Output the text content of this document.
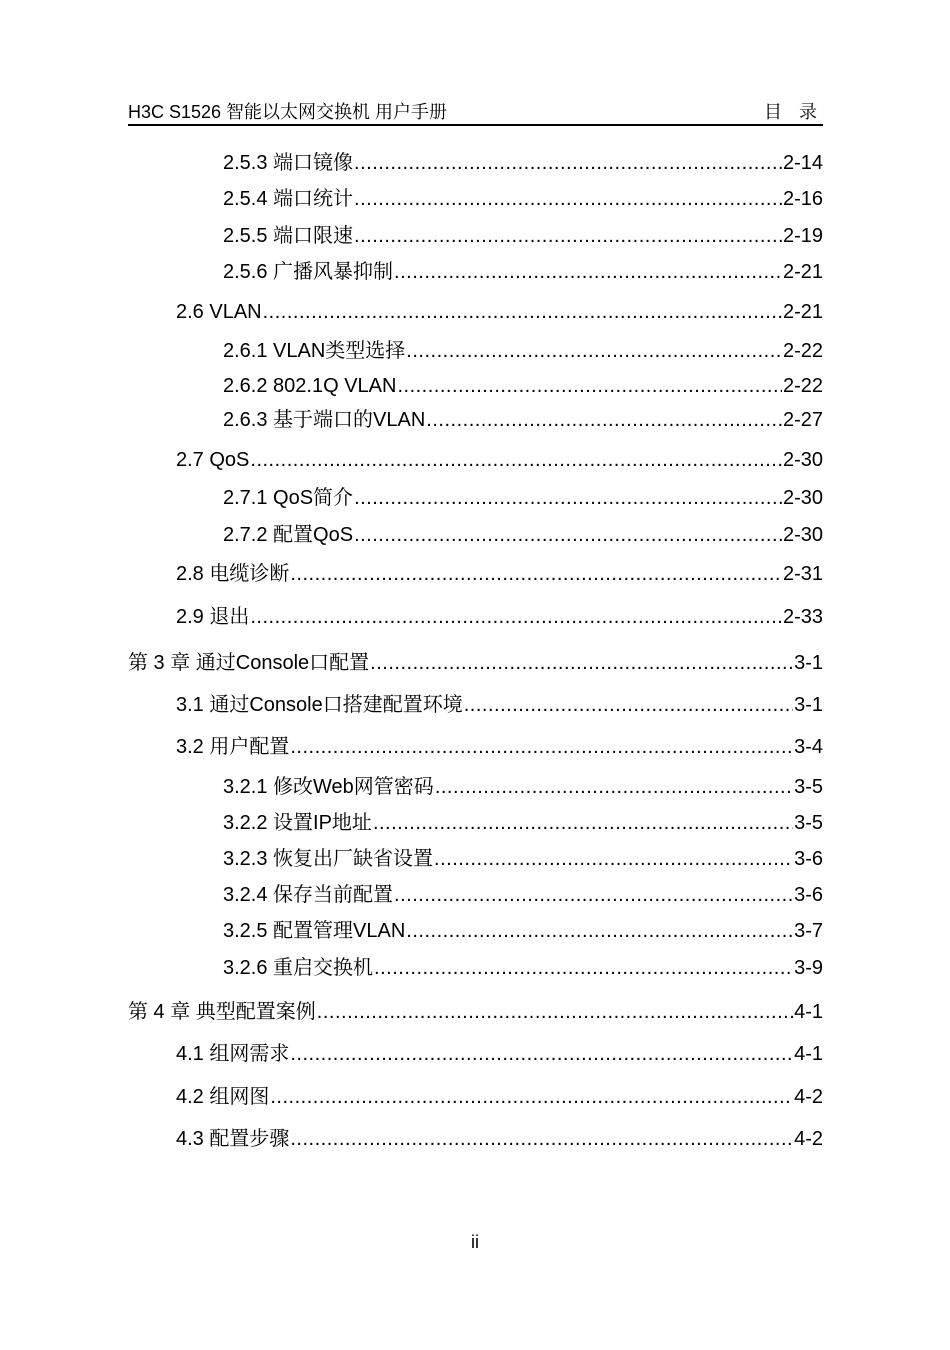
H3C S1526 智能以太网交换机 用户手册	目 录
2.5.3 端口镜像 .....	2-14
2.5.4 端口统计 .....	2-16
2.5.5 端口限速 .....	2-19
2.5.6 广播风暴抑制 .....	2-21
2.6 VLAN .....	2-21
2.6.1 VLAN类型选择 .....	2-22
2.6.2 802.1Q VLAN .....	2-22
2.6.3 基于端口的VLAN .....	2-27
2.7 QoS .....	2-30
2.7.1 QoS简介 .....	2-30
2.7.2 配置QoS .....	2-30
2.8 电缆诊断 .....	2-31
2.9 退出 .....	2-33
第 3 章 通过Console口配置 .....	3-1
3.1 通过Console口搭建配置环境 .....	3-1
3.2 用户配置 .....	3-4
3.2.1 修改Web网管密码 .....	3-5
3.2.2 设置IP地址 .....	3-5
3.2.3 恢复出厂缺省设置 .....	3-6
3.2.4 保存当前配置 .....	3-6
3.2.5 配置管理VLAN .....	3-7
3.2.6 重启交换机 .....	3-9
第 4 章 典型配置案例 .....	4-1
4.1 组网需求 .....	4-1
4.2 组网图 .....	4-2
4.3 配置步骤 .....	4-2
ii
